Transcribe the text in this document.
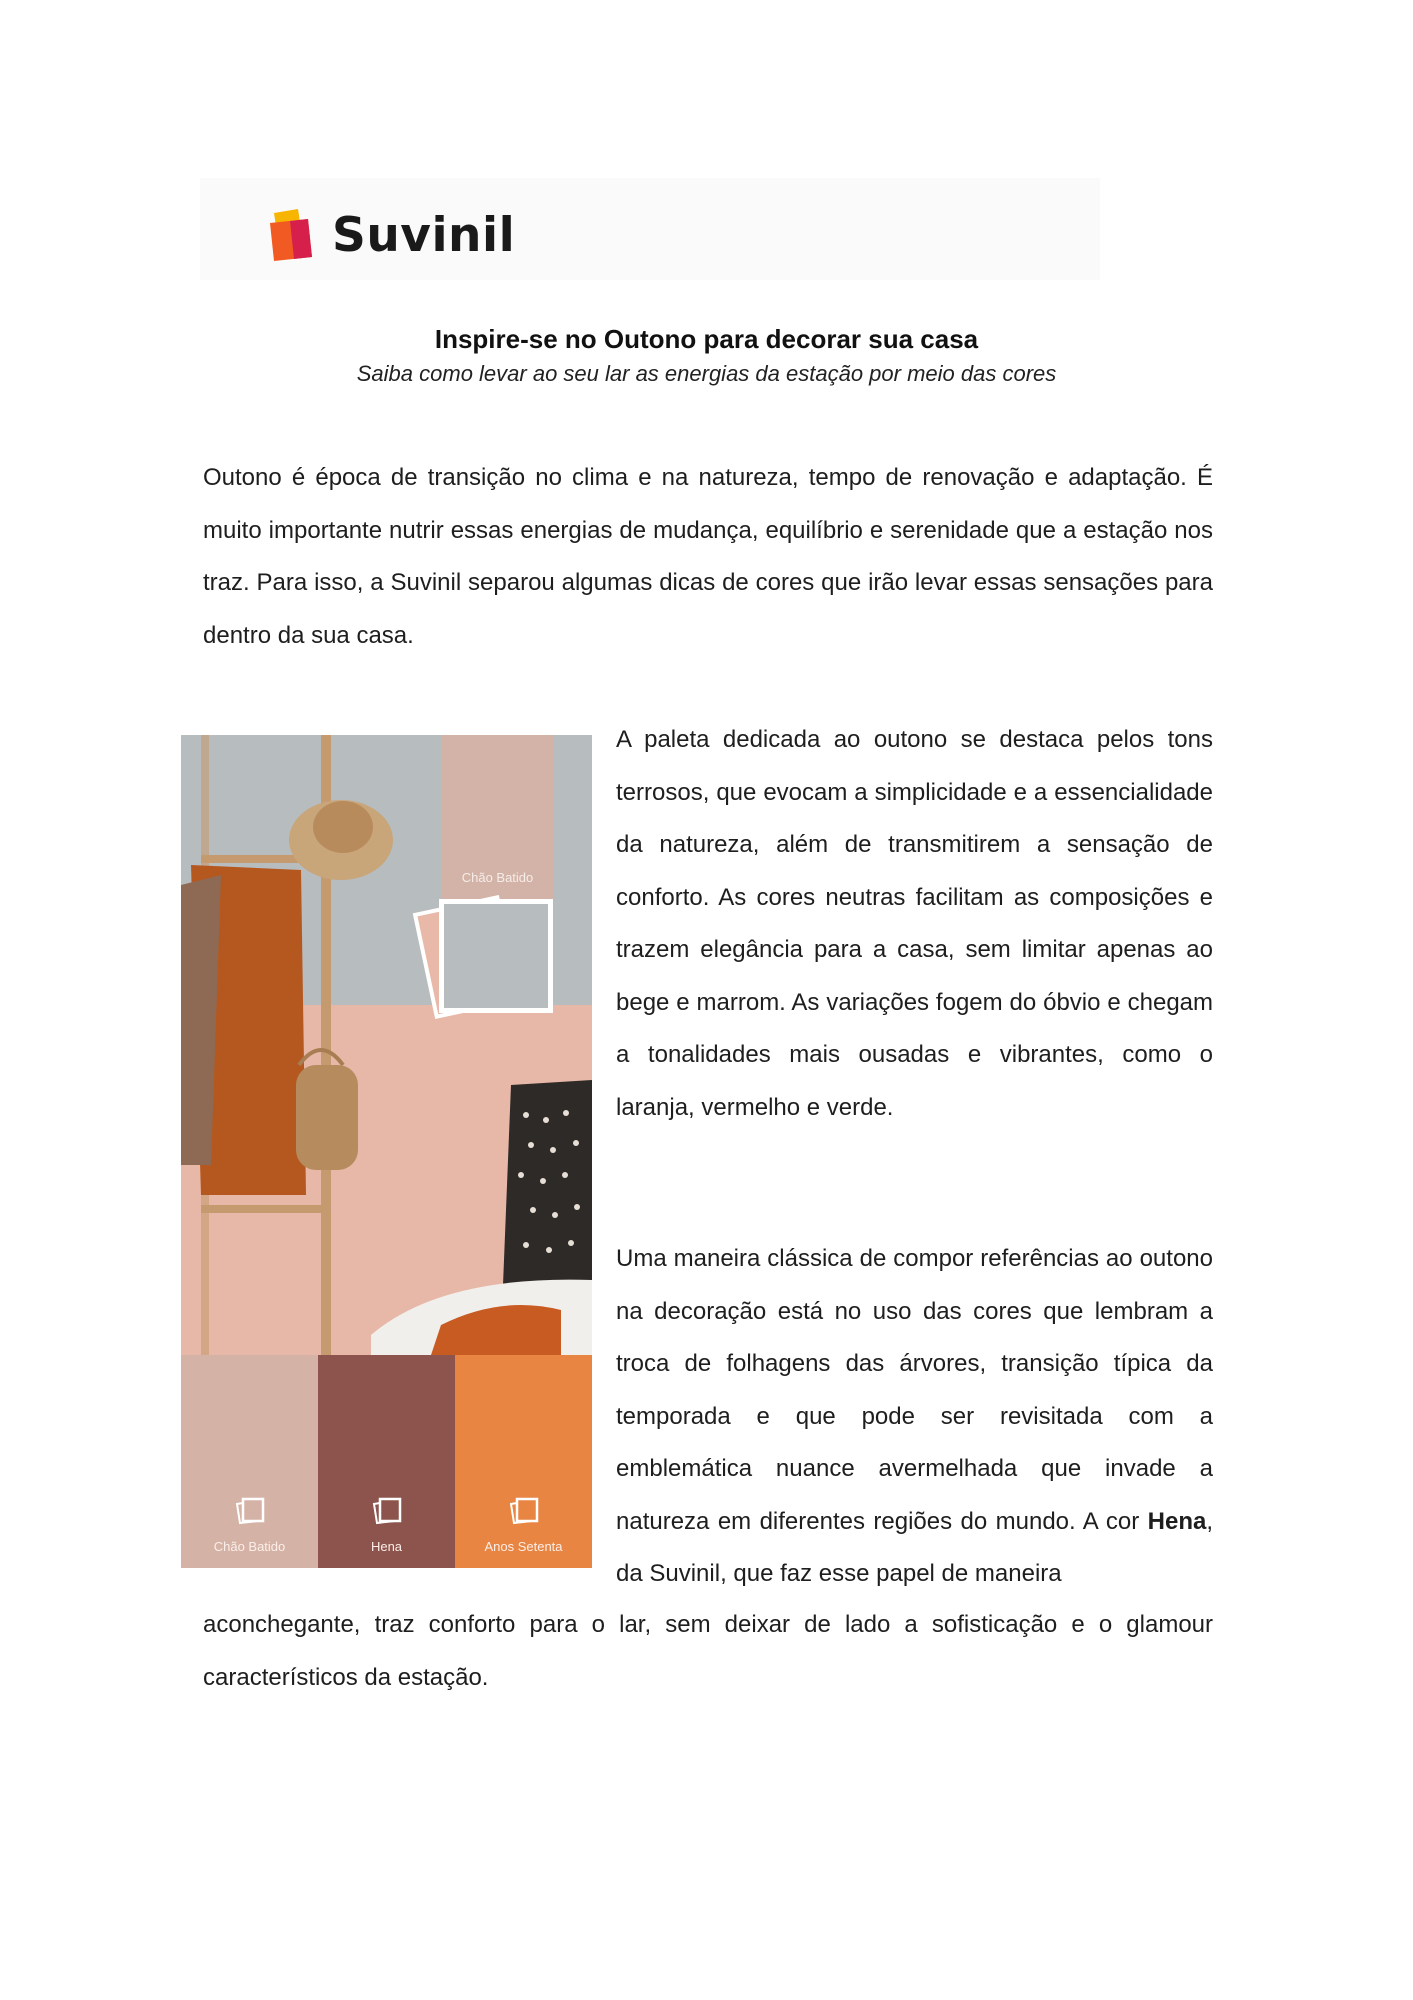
Suvinil
Inspire-se no Outono para decorar sua casa
Saiba como levar ao seu lar as energias da estação por meio das cores

Outono é época de transição no clima e na natureza, tempo de renovação e adaptação. É muito importante nutrir essas energias de mudança, equilíbrio e serenidade que a estação nos traz. Para isso, a Suvinil separou algumas dicas de cores que irão levar essas sensações para dentro da sua casa.

Chão Batido
Chão Batido	Hena	Anos Setenta

A paleta dedicada ao outono se destaca pelos tons terrosos, que evocam a simplicidade e a essencialidade da natureza, além de transmitirem a sensação de conforto. As cores neutras facilitam as composições e trazem elegância para a casa, sem limitar apenas ao bege e marrom. As variações fogem do óbvio e chegam a tonalidades mais ousadas e vibrantes, como o laranja, vermelho e verde.

Uma maneira clássica de compor referências ao outono na decoração está no uso das cores que lembram a troca de folhagens das árvores, transição típica da temporada e que pode ser revisitada com a emblemática nuance avermelhada que invade a natureza em diferentes regiões do mundo. A cor Hena, da Suvinil, que faz esse papel de maneira

aconchegante, traz conforto para o lar, sem deixar de lado a sofisticação e o glamour característicos da estação.
